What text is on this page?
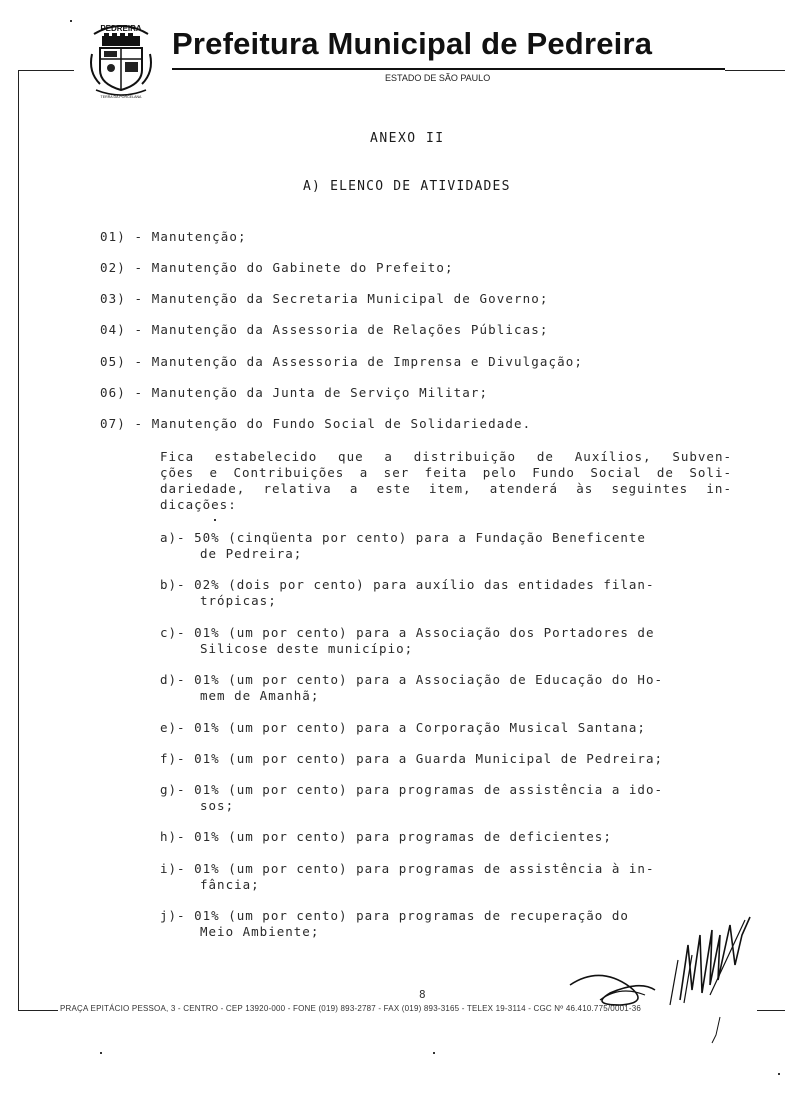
PEDREIRA
TERRA DA PORCELANA
Prefeitura Municipal de Pedreira
ESTADO DE SÃO PAULO
ANEXO II
A) ELENCO DE ATIVIDADES
01) - Manutenção;
02) - Manutenção do Gabinete do Prefeito;
03) - Manutenção da Secretaria Municipal de Governo;
04) - Manutenção da Assessoria de Relações Públicas;
05) - Manutenção da Assessoria de Imprensa e Divulgação;
06) - Manutenção da Junta de Serviço Militar;
07) - Manutenção do Fundo Social de Solidariedade.
Fica estabelecido que a distribuição de Auxílios, Subven-
ções e Contribuições a ser feita pelo Fundo Social de Soli-
dariedade, relativa a este item, atenderá às seguintes in-
dicações:
a)- 50% (cinqüenta por cento) para a Fundação Beneficente
de Pedreira;
b)- 02% (dois por cento) para auxílio das entidades filan-
trópicas;
c)- 01% (um por cento) para a Associação dos Portadores de
Silicose deste município;
d)- 01% (um por cento) para a Associação de Educação do Ho-
mem de Amanhã;
e)- 01% (um por cento) para a Corporação Musical Santana;
f)- 01% (um por cento) para a Guarda Municipal de Pedreira;
g)- 01% (um por cento) para programas de assistência a ido-
sos;
h)- 01% (um por cento) para programas de deficientes;
i)- 01% (um por cento) para programas de assistência à in-
fância;
j)- 01% (um por cento) para programas de recuperação do
Meio Ambiente;
8
PRAÇA EPITÁCIO PESSOA, 3 - CENTRO - CEP 13920-000 - FONE (019) 893-2787 - FAX (019) 893-3165 - TELEX 19-3114 - CGC Nº 46.410.775/0001-36
